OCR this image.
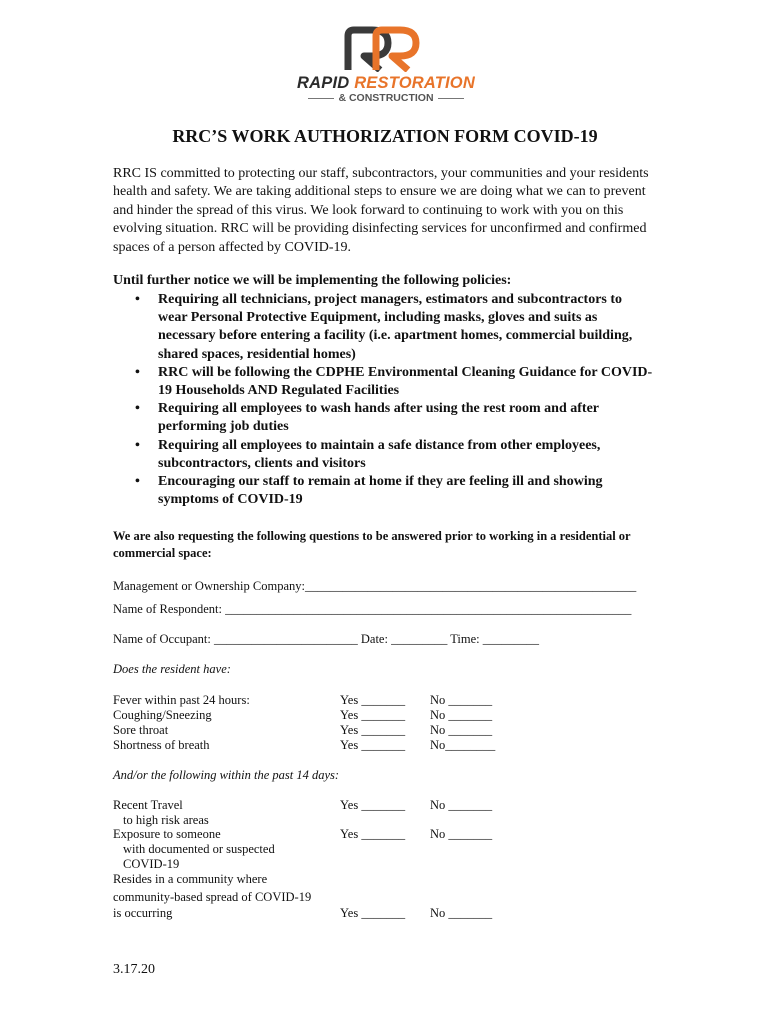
RAPID RESTORATION
& CONSTRUCTION
RRC’S WORK AUTHORIZATION FORM COVID-19

RRC IS committed to protecting our staff, subcontractors, your communities and your residents health and safety. We are taking additional steps to ensure we are doing what we can to prevent and hinder the spread of this virus. We look forward to continuing to work with you on this evolving situation. RRC will be providing disinfecting services for unconfirmed and confirmed spaces of a person affected by COVID-19.

Until further notice we will be implementing the following policies:

• Requiring all technicians, project managers, estimators and subcontractors to wear Personal Protective Equipment, including masks, gloves and suits as necessary before entering a facility (i.e. apartment homes, commercial building, shared spaces, residential homes)
• RRC will be following the CDPHE Environmental Cleaning Guidance for COVID-19 Households AND Regulated Facilities
• Requiring all employees to wash hands after using the rest room and after performing job duties
• Requiring all employees to maintain a safe distance from other employees, subcontractors, clients and visitors
• Encouraging our staff to remain at home if they are feeling ill and showing symptoms of COVID-19

We are also requesting the following questions to be answered prior to working in a residential or commercial space:

Management or Ownership Company:_____________________________________________________
Name of Respondent: _________________________________________________________________
Name of Occupant: _______________________ Date: _________ Time: _________
Does the resident have:
Fever within past 24 hours:	Yes _______ No _______
Coughing/Sneezing	Yes _______ No _______
Sore throat	Yes _______ No _______
Shortness of breath	Yes _______ No________
And/or the following within the past 14 days:
Recent Travel	Yes _______ No _______
to high risk areas
Exposure to someone	Yes _______ No _______
with documented or suspected
COVID-19
Resides in a community where
community-based spread of COVID-19
is occurring	Yes _______ No _______
3.17.20
